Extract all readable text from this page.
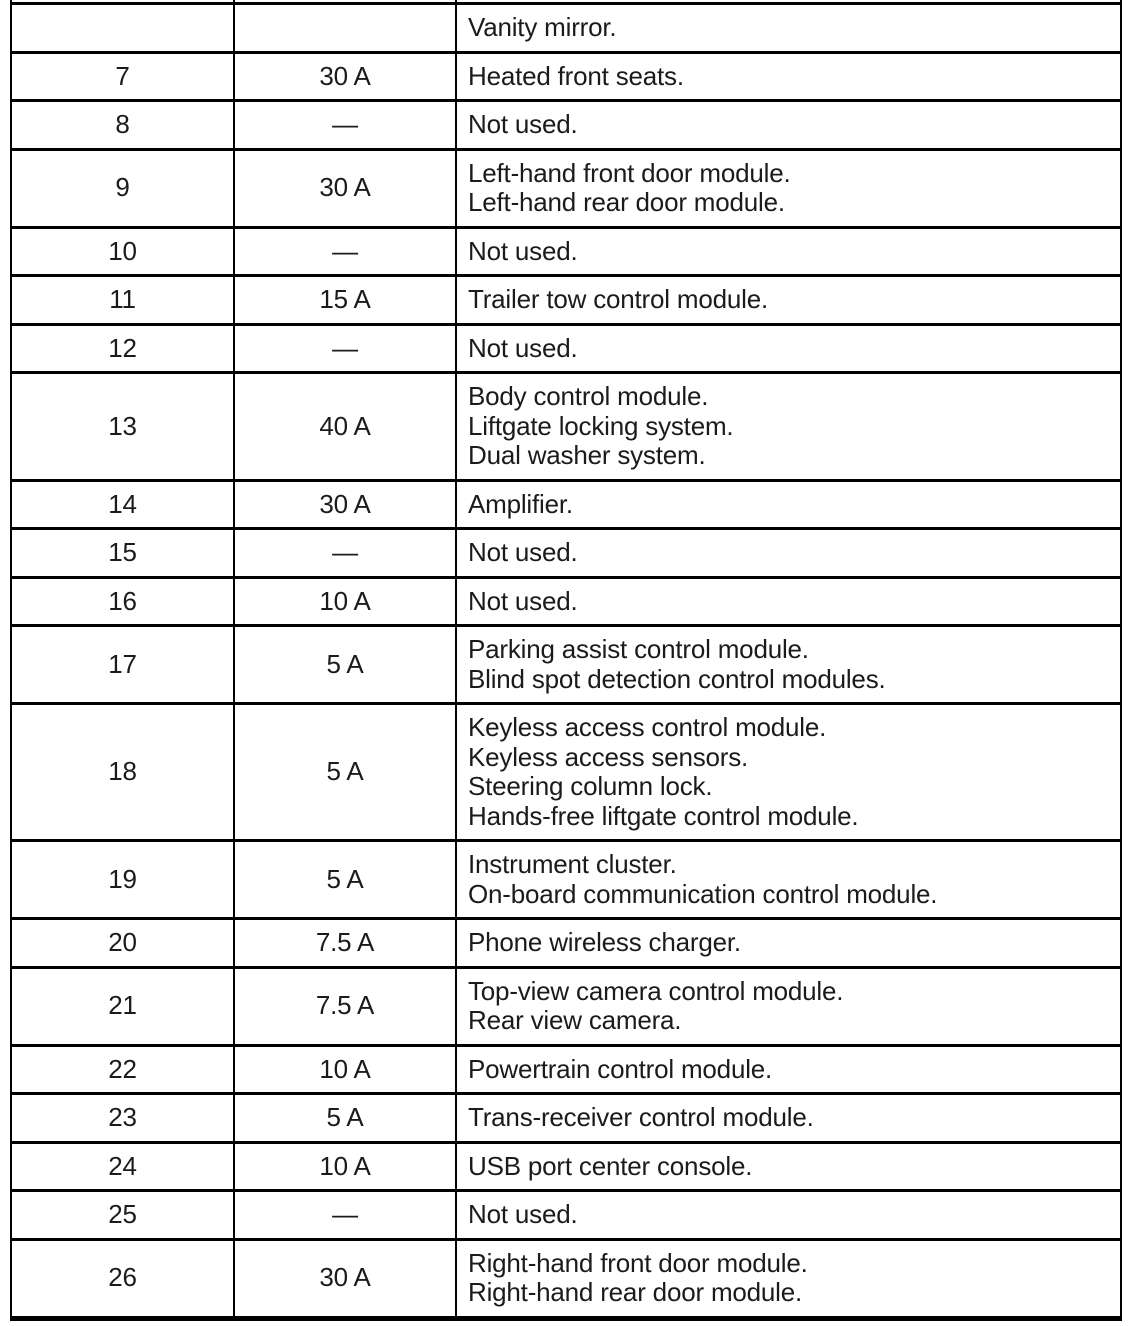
		Vanity mirror.

7	30 A	Heated front seats.

8	—	Not used.

9	30 A	Left-hand front door module.
Left-hand rear door module.

10	—	Not used.

11	15 A	Trailer tow control module.

12	—	Not used.

13	40 A	Body control module.
Liftgate locking system.
Dual washer system.

14	30 A	Amplifier.

15	—	Not used.

16	10 A	Not used.

17	5 A	Parking assist control module.
Blind spot detection control modules.

18	5 A	Keyless access control module.
Keyless access sensors.
Steering column lock.
Hands-free liftgate control module.

19	5 A	Instrument cluster.
On-board communication control module.

20	7.5 A	Phone wireless charger.

21	7.5 A	Top-view camera control module.
Rear view camera.

22	10 A	Powertrain control module.

23	5 A	Trans-receiver control module.

24	10 A	USB port center console.

25	—	Not used.

26	30 A	Right-hand front door module.
Right-hand rear door module.
